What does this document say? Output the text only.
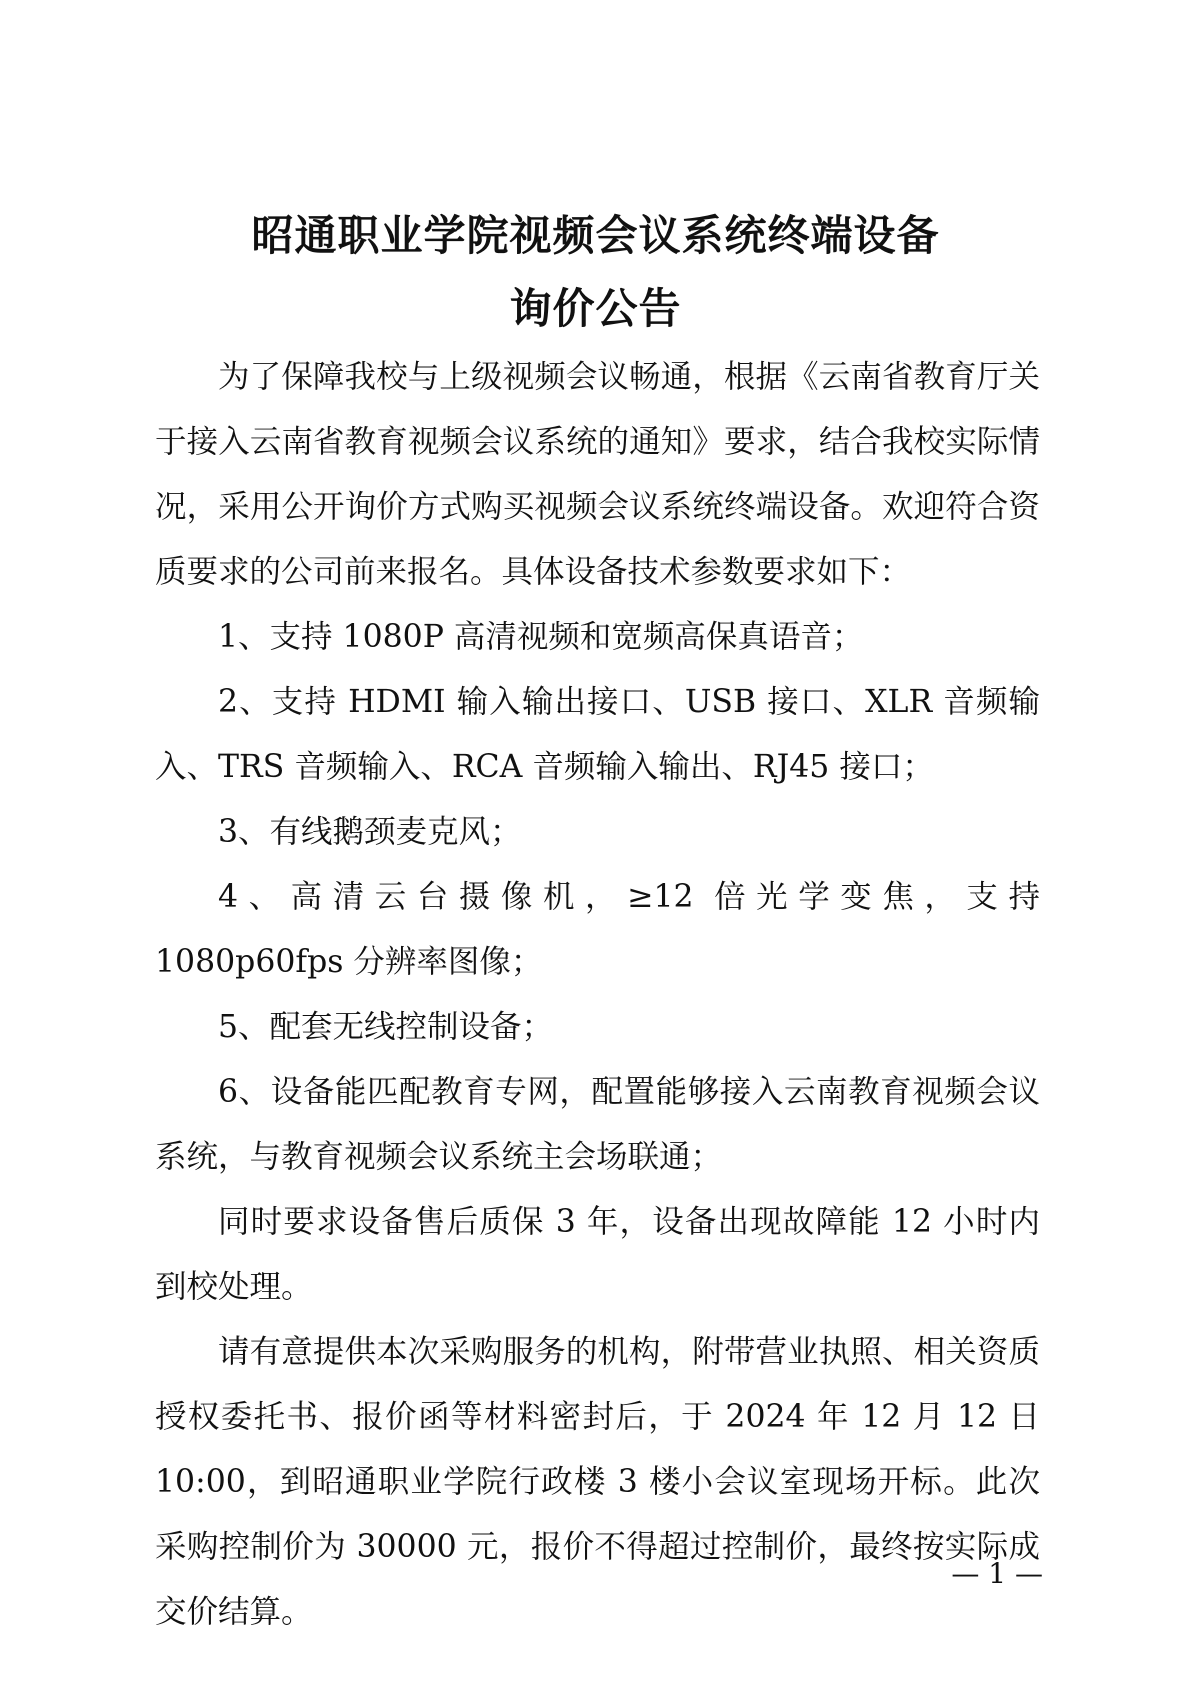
昭通职业学院视频会议系统终端设备
询价公告

为了保障我校与上级视频会议畅通，根据《云南省教育厅关于接入云南省教育视频会议系统的通知》要求，结合我校实际情况，采用公开询价方式购买视频会议系统终端设备。欢迎符合资质要求的公司前来报名。具体设备技术参数要求如下：

1、支持 1080P 高清视频和宽频高保真语音；

2、支持 HDMI 输入输出接口、USB 接口、XLR 音频输入、TRS 音频输入、RCA 音频输入输出、RJ45 接口；

3、有线鹅颈麦克风；

4、高清云台摄像机，≥12 倍光学变焦，支持 1080p60fps 分辨率图像；

5、配套无线控制设备；

6、设备能匹配教育专网，配置能够接入云南教育视频会议系统，与教育视频会议系统主会场联通；

同时要求设备售后质保 3 年，设备出现故障能 12 小时内到校处理。

请有意提供本次采购服务的机构，附带营业执照、相关资质授权委托书、报价函等材料密封后，于 2024 年 12 月 12 日 10:00，到昭通职业学院行政楼 3 楼小会议室现场开标。此次采购控制价为 30000 元，报价不得超过控制价，最终按实际成交价结算。

— 1 —
